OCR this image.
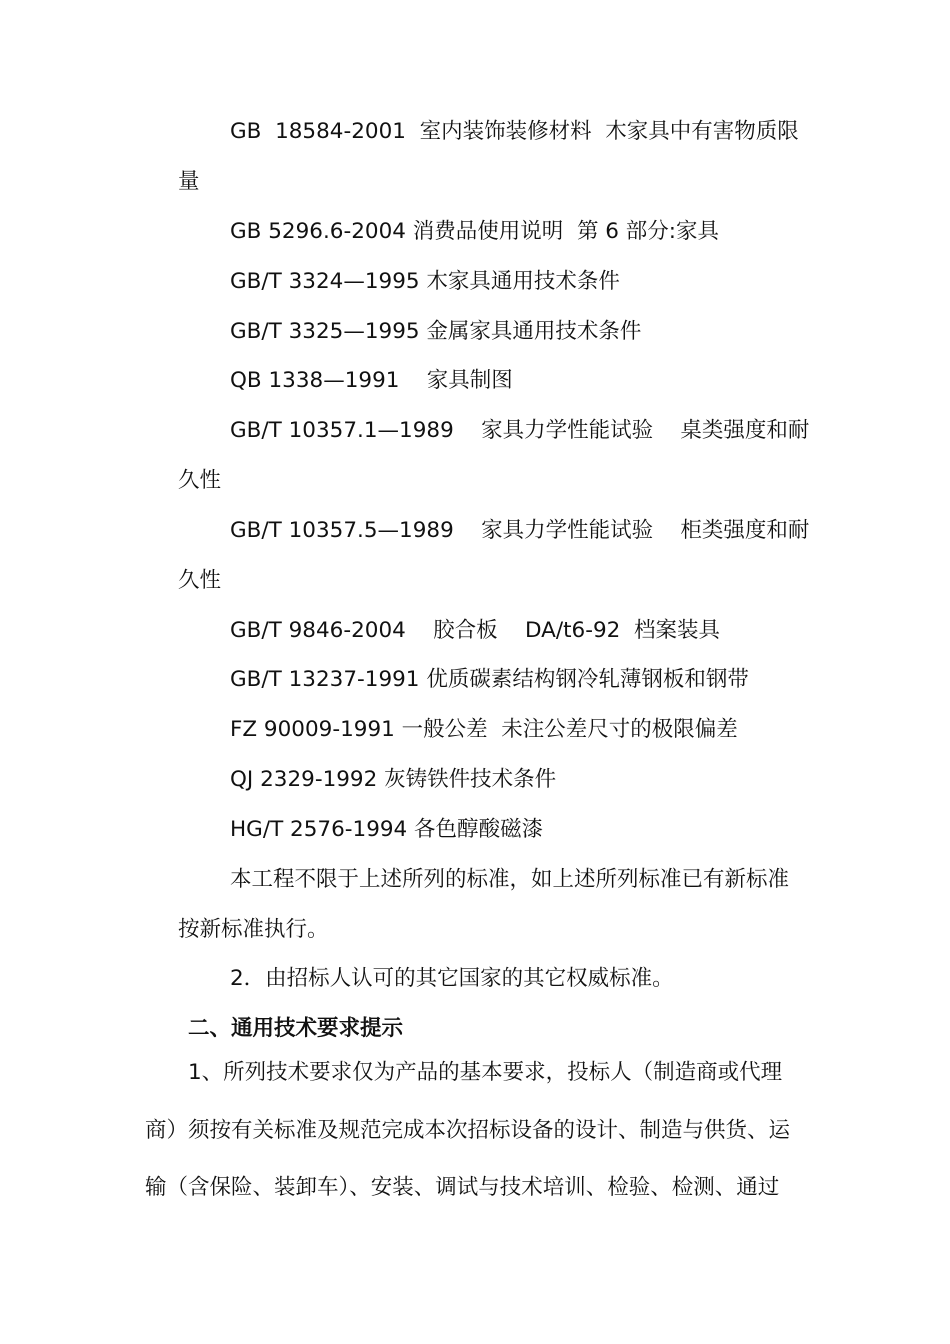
GB  18584-2001  室内装饰装修材料  木家具中有害物质限
量
GB 5296.6-2004 消费品使用说明  第 6 部分:家具
GB/T 3324—1995 木家具通用技术条件
GB/T 3325—1995 金属家具通用技术条件
QB 1338—1991    家具制图
GB/T 10357.1—1989    家具力学性能试验    桌类强度和耐
久性
GB/T 10357.5—1989    家具力学性能试验    柜类强度和耐
久性
GB/T 9846-2004    胶合板    DA/t6-92  档案装具
GB/T 13237-1991 优质碳素结构钢冷轧薄钢板和钢带
FZ 90009-1991 一般公差  未注公差尺寸的极限偏差
QJ 2329-1992 灰铸铁件技术条件
HG/T 2576-1994 各色醇酸磁漆
本工程不限于上述所列的标准，如上述所列标准已有新标准
按新标准执行。
2．由招标人认可的其它国家的其它权威标准。
二、通用技术要求提示
1、所列技术要求仅为产品的基本要求，投标人（制造商或代理
商）须按有关标准及规范完成本次招标设备的设计、制造与供货、运
输（含保险、装卸车）、安装、调试与技术培训、检验、检测、通过
